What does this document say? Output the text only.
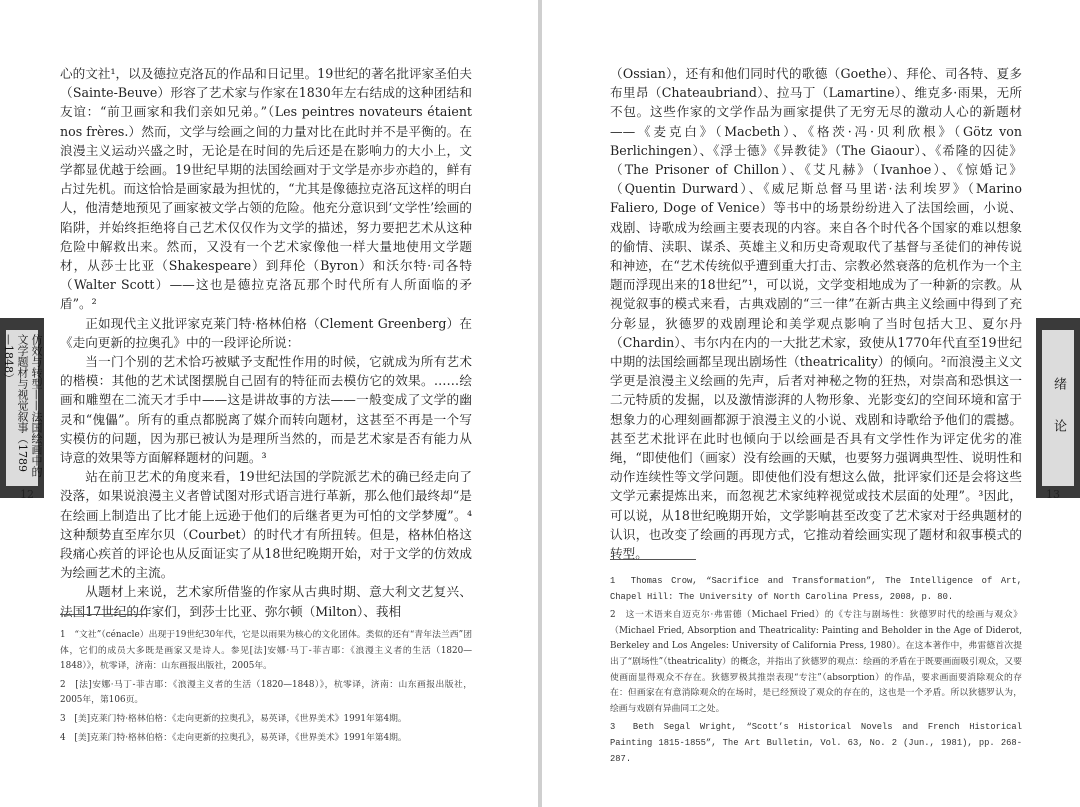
心的文社¹，以及德拉克洛瓦的作品和日记里。19世纪的著名批评家圣伯夫（Sainte-Beuve）形容了艺术家与作家在1830年左右结成的这种团结和友谊：“前卫画家和我们亲如兄弟。”（Les peintres novateurs étaient nos frères.）然而，文学与绘画之间的力量对比在此时并不是平衡的。在浪漫主义运动兴盛之时，无论是在时间的先后还是在影响力的大小上，文学都显优越于绘画。19世纪早期的法国绘画对于文学是亦步亦趋的，鲜有占过先机。而这恰恰是画家最为担忧的，“尤其是像德拉克洛瓦这样的明白人，他清楚地预见了画家被文学占领的危险。他充分意识到‘文学性’绘画的陷阱，并始终拒绝将自己艺术仅仅作为文学的描述，努力要把艺术从这种危险中解救出来。然而，又没有一个艺术家像他一样大量地使用文学题材，从莎士比亚（Shakespeare）到拜伦（Byron）和沃尔特·司各特（Walter Scott）——这也是德拉克洛瓦那个时代所有人所面临的矛盾”。²

正如现代主义批评家克莱门特·格林伯格（Clement Greenberg）在《走向更新的拉奥孔》中的一段评论所说：

当一门个别的艺术恰巧被赋予支配性作用的时候，它就成为所有艺术的楷模：其他的艺术试图摆脱自己固有的特征而去模仿它的效果。……绘画和雕塑在二流天才手中——这是讲故事的方法——一般变成了文学的幽灵和“傀儡”。所有的重点都脱离了媒介而转向题材，这甚至不再是一个写实模仿的问题，因为那已被认为是理所当然的，而是艺术家是否有能力从诗意的效果等方面解释题材的问题。³

站在前卫艺术的角度来看，19世纪法国的学院派艺术的确已经走向了没落，如果说浪漫主义者曾试图对形式语言进行革新，那么他们最终却“是在绘画上制造出了比才能上远逊于他们的后继者更为可怕的文学梦魇”。⁴这种颓势直至库尔贝（Courbet）的时代才有所扭转。但是，格林伯格这段痛心疾首的评论也从反面证实了从18世纪晚期开始，对于文学的仿效成为绘画艺术的主流。

从题材上来说，艺术家所借鉴的作家从古典时期、意大利文艺复兴、法国17世纪的作家们，到莎士比亚、弥尔顿（Milton）、莪相

1　“文社”（cénacle）出现于19世纪30年代，它是以雨果为核心的文化团体。类似的还有“青年法兰西”团体，它们的成员大多既是画家又是诗人。参见[法]安娜·马丁-菲吉耶：《浪漫主义者的生活（1820—1848）》，杭零译，济南：山东画报出版社，2005年。

2　[法]安娜·马丁-菲吉耶：《浪漫主义者的生活（1820—1848）》，杭零译，济南：山东画报出版社，2005年，第106页。

3　[美]克莱门特·格林伯格：《走向更新的拉奥孔》，易英译，《世界美术》1991年第4期。

4　[美]克莱门特·格林伯格：《走向更新的拉奥孔》，易英译，《世界美术》1991年第4期。

仿效与转型——法国绘画中的文学题材与视觉叙事（1789—1848）
12

（Ossian），还有和他们同时代的歌德（Goethe）、拜伦、司各特、夏多布里昂（Chateaubriand）、拉马丁（Lamartine）、维克多·雨果，无所不包。这些作家的文学作品为画家提供了无穷无尽的激动人心的新题材——《麦克白》（Macbeth）、《格茨·冯·贝利欣根》（Götz von Berlichingen）、《浮士德》《异教徒》（The Giaour）、《希隆的囚徒》（The Prisoner of Chillon）、《艾凡赫》（Ivanhoe）、《惊婚记》（Quentin Durward）、《威尼斯总督马里诺·法利埃罗》（Marino Faliero, Doge of Venice）等书中的场景纷纷进入了法国绘画，小说、戏剧、诗歌成为绘画主要表现的内容。来自各个时代各个国家的难以想象的偷情、渎职、谋杀、英雄主义和历史奇观取代了基督与圣徒们的神传说和神迹，在“艺术传统似乎遭到重大打击、宗教必然衰落的危机作为一个主题而浮现出来的18世纪”¹，可以说，文学变相地成为了一种新的宗教。从视觉叙事的模式来看，古典戏剧的“三一律”在新古典主义绘画中得到了充分彰显，狄德罗的戏剧理论和美学观点影响了当时包括大卫、夏尔丹（Chardin）、韦尔内在内的一大批艺术家，致使从1770年代直至19世纪中期的法国绘画都呈现出剧场性（theatricality）的倾向。²而浪漫主义文学更是浪漫主义绘画的先声，后者对神秘之物的狂热，对崇高和恐惧这一二元特质的发掘，以及激情澎湃的人物形象、光影变幻的空间环境和富于想象力的心理刻画都源于浪漫主义的小说、戏剧和诗歌给予他们的震撼。甚至艺术批评在此时也倾向于以绘画是否具有文学性作为评定优劣的准绳，“即使他们（画家）没有绘画的天赋，也要努力强调典型性、说明性和动作连续性等文学问题。即使他们没有想这么做，批评家们还是会将这些文学元素提炼出来，而忽视艺术家纯粹视觉或技术层面的处理”。³因此，可以说，从18世纪晚期开始，文学影响甚至改变了艺术家对于经典题材的认识，也改变了绘画的再现方式，它推动着绘画实现了题材和叙事模式的转型。

1　Thomas Crow, “Sacrifice and Transformation”, The Intelligence of Art, Chapel Hill: The University of North Carolina Press, 2008, p. 80.

2　这一术语来自迈克尔·弗雷德（Michael Fried）的《专注与剧场性：狄德罗时代的绘画与观众》（Michael Fried, Absorption and Theatricality: Painting and Beholder in the Age of Diderot, Berkeley and Los Angeles: University of California Press, 1980）。在这本著作中，弗雷德首次提出了“剧场性”（theatricality）的概念，并指出了狄德罗的观点：绘画的矛盾在于既要画面吸引观众，又要使画面显得观众不存在。狄德罗极其推崇表现“专注”（absorption）的作品，要求画面要消除观众的存在：但画家在有意消除观众的在场时，是已经预设了观众的存在的，这也是一个矛盾。所以狄德罗认为，绘画与戏剧有异曲同工之处。

3　Beth Segal Wright, “Scott’s Historical Novels and French Historical Painting 1815-1855”, The Art Bulletin, Vol. 63, No. 2 (Jun., 1981), pp. 268-287.

绪　论
13
